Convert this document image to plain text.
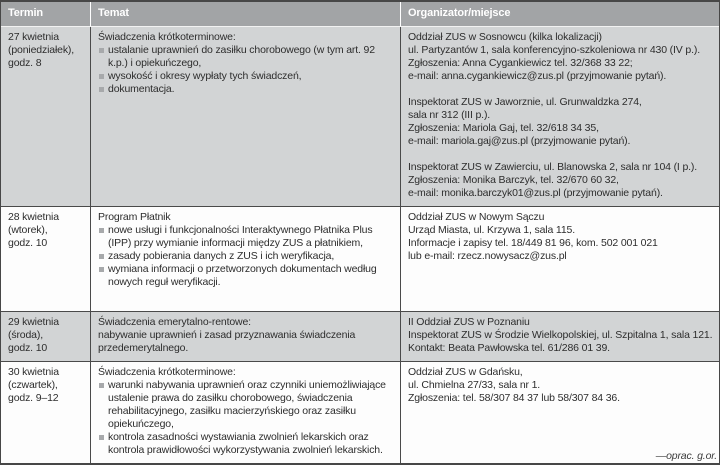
Termin	Temat	Organizator/miejsce
27 kwietnia
(poniedziałek),
godz. 8
Świadczenia krótkoterminowe:
ustalanie uprawnień do zasiłku chorobowego (w tym art. 92 k.p.) i opiekuńczego,
wysokość i okresy wypłaty tych świadczeń,
dokumentacja.
Oddział ZUS w Sosnowcu (kilka lokalizacji)
ul. Partyzantów 1, sala konferencyjno-szkoleniowa nr 430 (IV p.).
Zgłoszenia: Anna Cygankiewicz tel. 32/368 33 22;
e-mail: anna.cygankiewicz@zus.pl (przyjmowanie pytań).
Inspektorat ZUS w Jaworznie, ul. Grunwaldzka 274,
sala nr 312 (III p.).
Zgłoszenia: Mariola Gaj, tel. 32/618 34 35,
e-mail: mariola.gaj@zus.pl (przyjmowanie pytań).
Inspektorat ZUS w Zawierciu, ul. Blanowska 2, sala nr 104 (I p.).
Zgłoszenia: Monika Barczyk, tel. 32/670 60 32,
e-mail: monika.barczyk01@zus.pl (przyjmowanie pytań).
28 kwietnia
(wtorek),
godz. 10
Program Płatnik
nowe usługi i funkcjonalności Interaktywnego Płatnika Plus (IPP) przy wymianie informacji między ZUS a płatnikiem,
zasady pobierania danych z ZUS i ich weryfikacja,
wymiana informacji o przetworzonych dokumentach według nowych reguł weryfikacji.
Oddział ZUS w Nowym Sączu
Urząd Miasta, ul. Krzywa 1, sala 115.
Informacje i zapisy tel. 18/449 81 96, kom. 502 001 021
lub e-mail: rzecz.nowysacz@zus.pl
29 kwietnia
(środa),
godz. 10
Świadczenia emerytalno-rentowe:
nabywanie uprawnień i zasad przyznawania świadczenia
przedemerytalnego.
II Oddział ZUS w Poznaniu
Inspektorat ZUS w Środzie Wielkopolskiej, ul. Szpitalna 1, sala 121.
Kontakt: Beata Pawłowska tel. 61/286 01 39.
30 kwietnia
(czwartek),
godz. 9–12
Świadczenia krótkoterminowe:
warunki nabywania uprawnień oraz czynniki uniemożliwiające ustalenie prawa do zasiłku chorobowego, świadczenia rehabilitacyjnego, zasiłku macierzyńskiego oraz zasiłku opiekuńczego,
kontrola zasadności wystawiania zwolnień lekarskich oraz kontrola prawidłowości wykorzystywania zwolnień lekarskich.
Oddział ZUS w Gdańsku,
ul. Chmielna 27/33, sala nr 1.
Zgłoszenia: tel. 58/307 84 37 lub 58/307 84 36.
—oprac. g.or.
